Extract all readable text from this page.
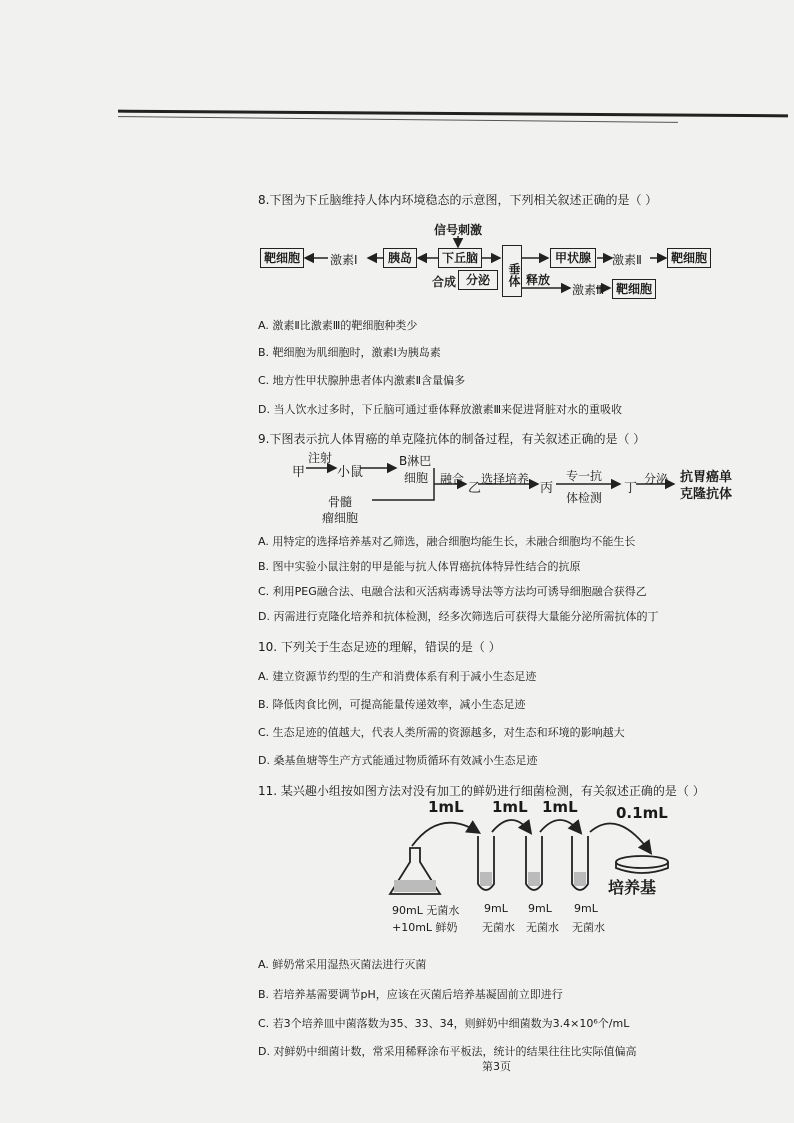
8.下图为下丘脑维持人体内环境稳态的示意图，下列相关叙述正确的是（ ）
信号刺激
靶细胞	激素Ⅰ	胰岛	下丘脑
合成 分泌	垂体 释放
甲状腺	激素Ⅱ	靶细胞
激素Ⅲ 靶细胞
A. 激素Ⅱ比激素Ⅲ的靶细胞种类少
B. 靶细胞为肌细胞时，激素Ⅰ为胰岛素
C. 地方性甲状腺肿患者体内激素Ⅱ含量偏多
D. 当人饮水过多时，下丘脑可通过垂体释放激素Ⅲ来促进肾脏对水的重吸收
9.下图表示抗人体胃癌的单克隆抗体的制备过程，有关叙述正确的是（ ）
甲
注射
小鼠
B淋巴
细胞
骨髓
瘤细胞
融合
乙
选择培养
丙
专一抗
体检测
丁
分泌 抗胃癌单
克隆抗体
A. 用特定的选择培养基对乙筛选，融合细胞均能生长，未融合细胞均不能生长
B. 图中实验小鼠注射的甲是能与抗人体胃癌抗体特异性结合的抗原
C. 利用PEG融合法、电融合法和灭活病毒诱导法等方法均可诱导细胞融合获得乙
D. 丙需进行克隆化培养和抗体检测，经多次筛选后可获得大量能分泌所需抗体的丁
10. 下列关于生态足迹的理解，错误的是（ ）
A. 建立资源节约型的生产和消费体系有利于减小生态足迹
B. 降低肉食比例，可提高能量传递效率，减小生态足迹
C. 生态足迹的值越大，代表人类所需的资源越多，对生态和环境的影响越大
D. 桑基鱼塘等生产方式能通过物质循环有效减小生态足迹
11. 某兴趣小组按如图方法对没有加工的鲜奶进行细菌检测，有关叙述正确的是（ ）
1mL 1mL 1mL	0.1mL
培养基
90mL 无菌水
+10mL 鲜奶
9mL
无菌水
9mL
无菌水
9mL
无菌水
A. 鲜奶常采用湿热灭菌法进行灭菌
B. 若培养基需要调节pH，应该在灭菌后培养基凝固前立即进行
C. 若3个培养皿中菌落数为35、33、34，则鲜奶中细菌数为3.4×10⁶个/mL
D. 对鲜奶中细菌计数，常采用稀释涂布平板法，统计的结果往往比实际值偏高
第3页
